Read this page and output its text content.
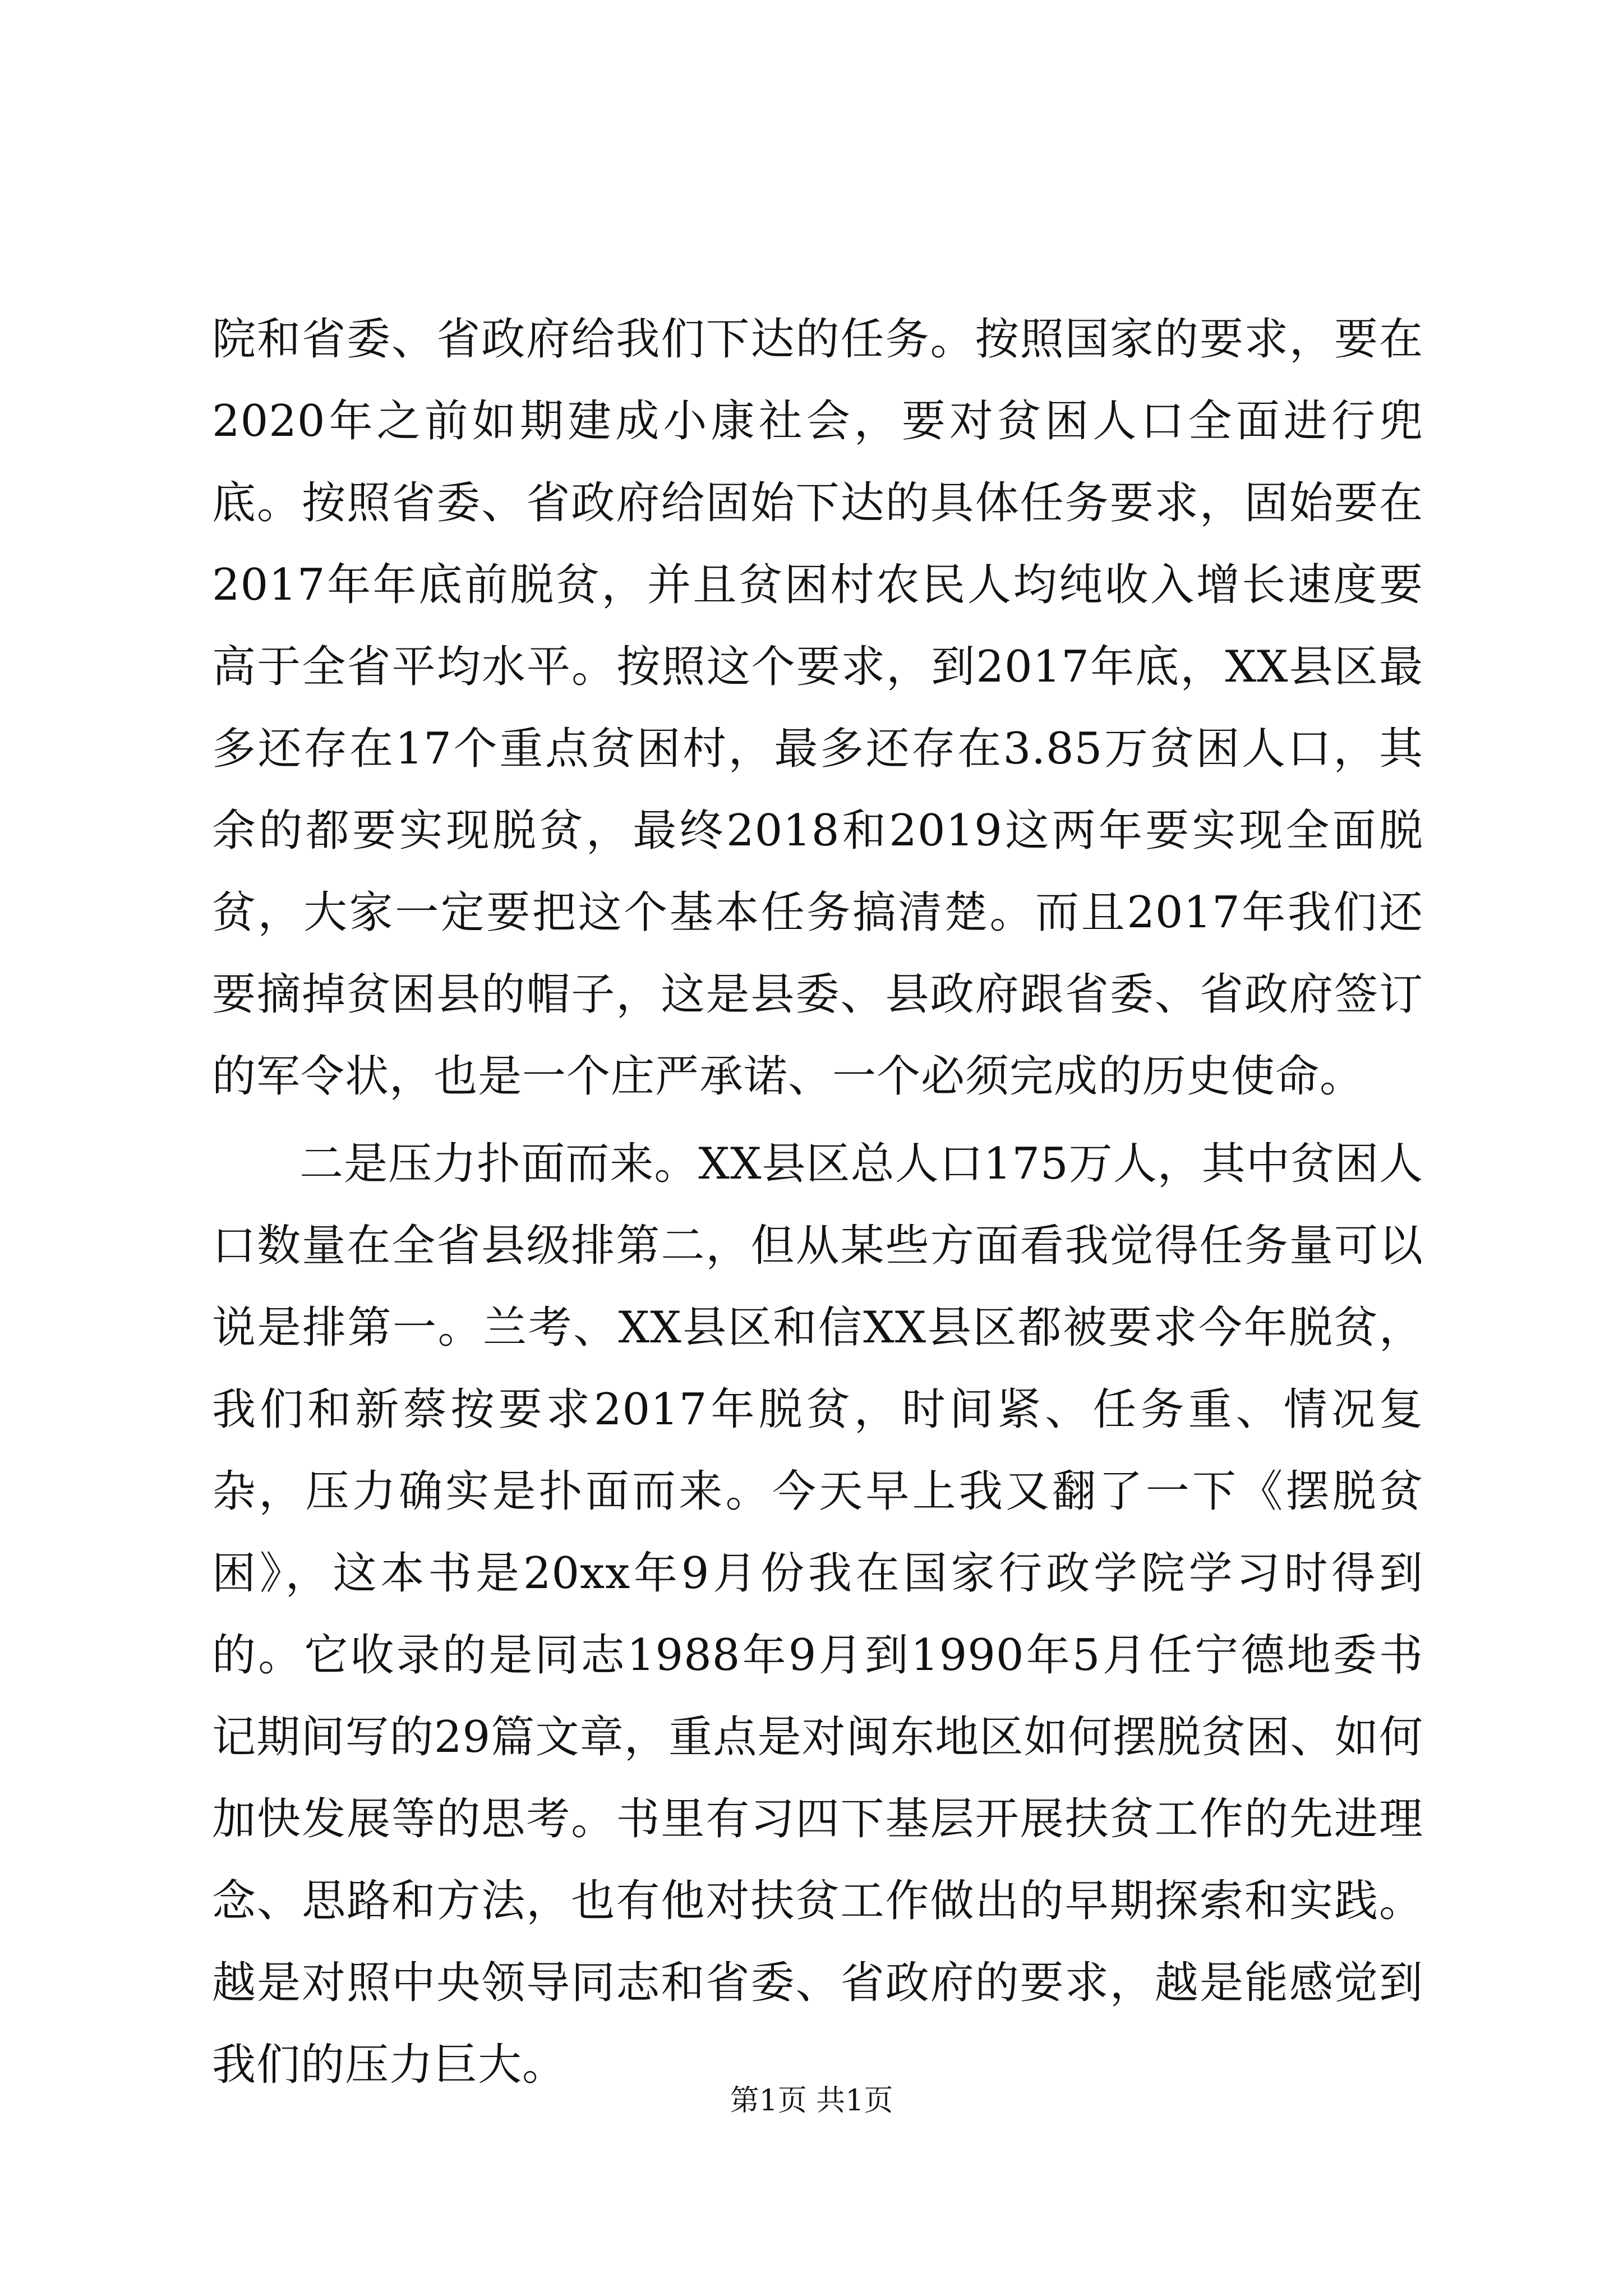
院和省委、省政府给我们下达的任务。按照国家的要求，要在2020年之前如期建成小康社会，要对贫困人口全面进行兜底。按照省委、省政府给固始下达的具体任务要求，固始要在2017年年底前脱贫，并且贫困村农民人均纯收入增长速度要高于全省平均水平。按照这个要求，到2017年底，XX县区最多还存在17个重点贫困村，最多还存在3.85万贫困人口，其余的都要实现脱贫，最终2018和2019这两年要实现全面脱贫，大家一定要把这个基本任务搞清楚。而且2017年我们还要摘掉贫困县的帽子，这是县委、县政府跟省委、省政府签订的军令状，也是一个庄严承诺、一个必须完成的历史使命。

二是压力扑面而来。XX县区总人口175万人，其中贫困人口数量在全省县级排第二，但从某些方面看我觉得任务量可以说是排第一。兰考、XX县区和信XX县区都被要求今年脱贫，我们和新蔡按要求2017年脱贫，时间紧、任务重、情况复杂，压力确实是扑面而来。今天早上我又翻了一下《摆脱贫困》，这本书是20xx年9月份我在国家行政学院学习时得到的。它收录的是同志1988年9月到1990年5月任宁德地委书记期间写的29篇文章，重点是对闽东地区如何摆脱贫困、如何加快发展等的思考。书里有习四下基层开展扶贫工作的先进理念、思路和方法，也有他对扶贫工作做出的早期探索和实践。越是对照中央领导同志和省委、省政府的要求，越是能感觉到我们的压力巨大。

第1页 共1页
